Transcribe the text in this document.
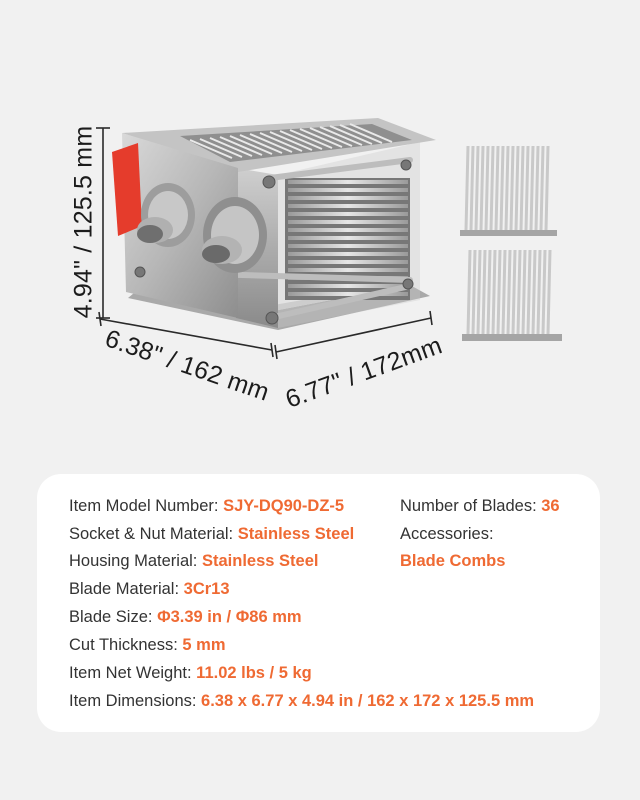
4.94" / 125.5 mm
6.38" / 162 mm 6.77" / 172mm
Item Model Number: SJY-DQ90-DZ-5
Socket & Nut Material: Stainless Steel
Housing Material: Stainless Steel
Blade Material: 3Cr13
Blade Size: Φ3.39 in / Φ86 mm
Cut Thickness: 5 mm
Item Net Weight: 11.02 lbs / 5 kg
Item Dimensions: 6.38 x 6.77 x 4.94 in / 162 x 172 x 125.5 mm
Number of Blades: 36
Accessories:
Blade Combs
